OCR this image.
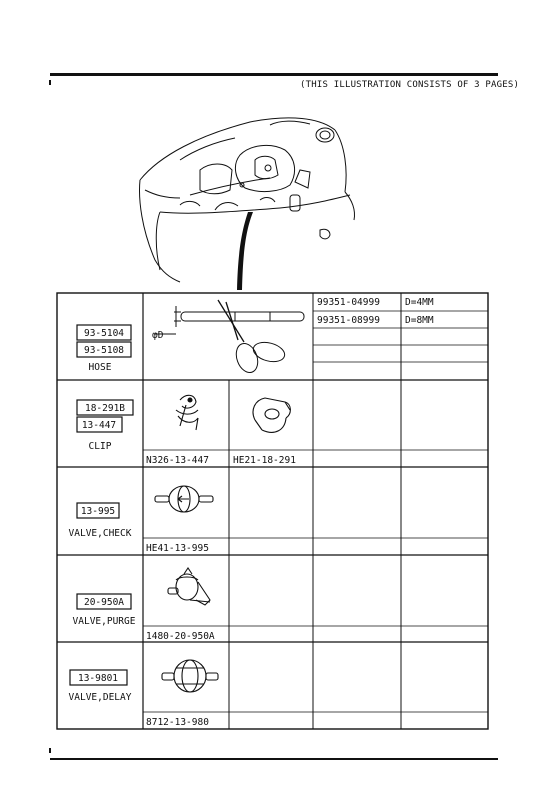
(THIS ILLUSTRATION CONSISTS OF 3 PAGES)
93-5104
93-5108
HOSE
99351-04999	D=4MM
99351-08999	D=8MM
φD
18-291B
13-447
CLIP
N326-13-447	HE21-18-291
13-995
VALVE,CHECK
HE41-13-995
20-950A
VALVE,PURGE
1480-20-950A
13-9801
VALVE,DELAY
8712-13-980
